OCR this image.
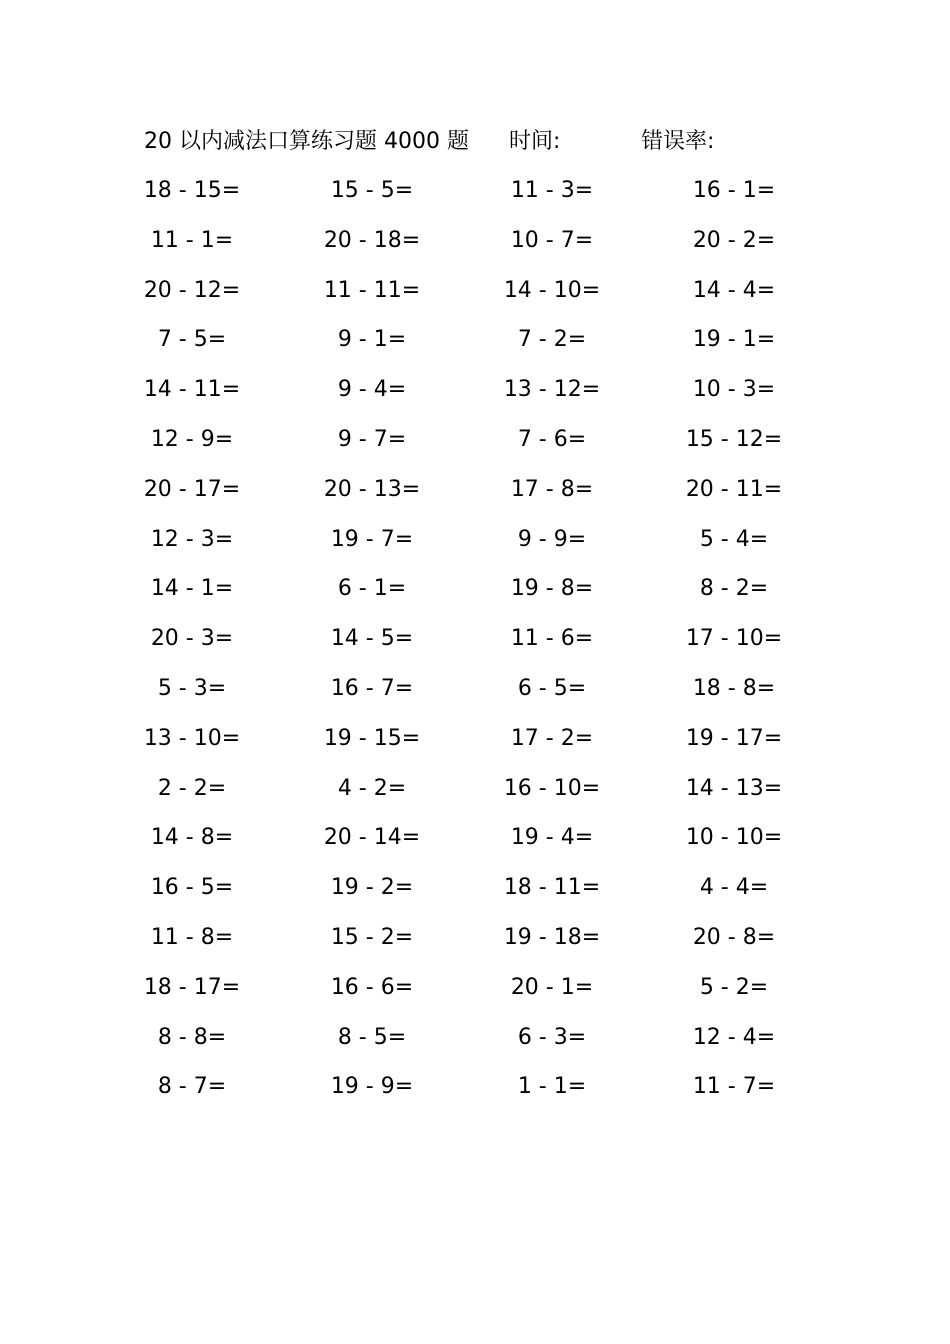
20 以内减法口算练习题 4000 题 时间:	错误率:
18 - 15=	15 - 5=	11 - 3=	16 - 1=
11 - 1=	20 - 18=	10 - 7=	20 - 2=
20 - 12=	11 - 11=	14 - 10=	14 - 4=
7 - 5=	9 - 1=	7 - 2=	19 - 1=
14 - 11=	9 - 4=	13 - 12=	10 - 3=
12 - 9=	9 - 7=	7 - 6=	15 - 12=
20 - 17=	20 - 13=	17 - 8=	20 - 11=
12 - 3=	19 - 7=	9 - 9=	5 - 4=
14 - 1=	6 - 1=	19 - 8=	8 - 2=
20 - 3=	14 - 5=	11 - 6=	17 - 10=
5 - 3=	16 - 7=	6 - 5=	18 - 8=
13 - 10=	19 - 15=	17 - 2=	19 - 17=
2 - 2=	4 - 2=	16 - 10=	14 - 13=
14 - 8=	20 - 14=	19 - 4=	10 - 10=
16 - 5=	19 - 2=	18 - 11=	4 - 4=
11 - 8=	15 - 2=	19 - 18=	20 - 8=
18 - 17=	16 - 6=	20 - 1=	5 - 2=
8 - 8=	8 - 5=	6 - 3=	12 - 4=
8 - 7=	19 - 9=	1 - 1=	11 - 7=
